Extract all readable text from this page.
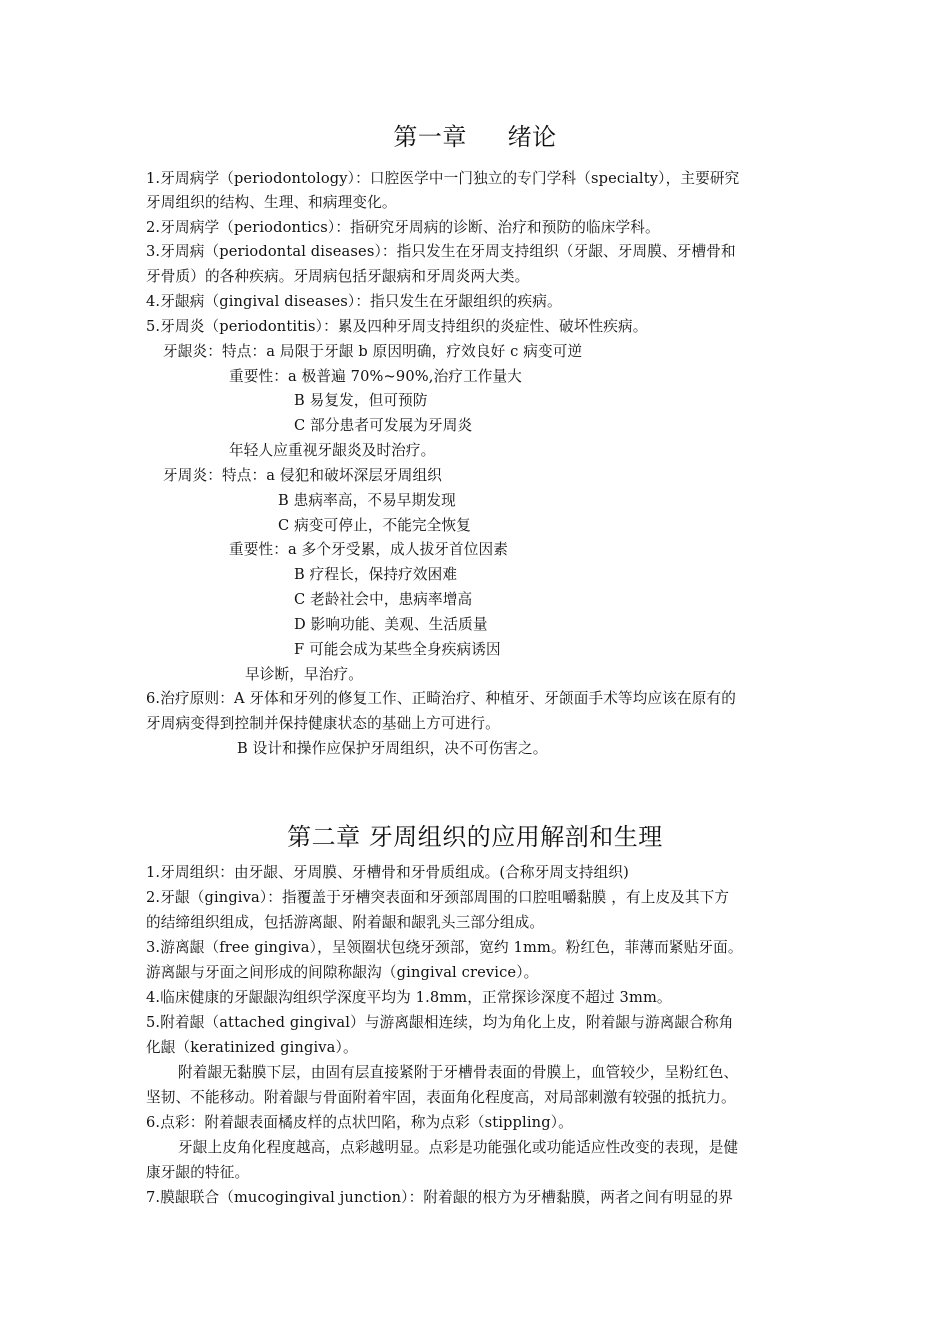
第一章     绪论
1.牙周病学（periodontology）：口腔医学中一门独立的专门学科（specialty），主要研究
牙周组织的结构、生理、和病理变化。
2.牙周病学（periodontics）：指研究牙周病的诊断、治疗和预防的临床学科。
3.牙周病（periodontal diseases）：指只发生在牙周支持组织（牙龈、牙周膜、牙槽骨和
牙骨质）的各种疾病。牙周病包括牙龈病和牙周炎两大类。
4.牙龈病（gingival diseases）：指只发生在牙龈组织的疾病。
5.牙周炎（periodontitis）：累及四种牙周支持组织的炎症性、破坏性疾病。
牙龈炎：特点：a 局限于牙龈 b 原因明确，疗效良好 c 病变可逆
重要性：a 极普遍 70%~90%,治疗工作量大
B 易复发，但可预防
C 部分患者可发展为牙周炎
年轻人应重视牙龈炎及时治疗。
牙周炎：特点：a 侵犯和破坏深层牙周组织
B 患病率高，不易早期发现
C 病变可停止，不能完全恢复
重要性：a 多个牙受累，成人拔牙首位因素
B 疗程长，保持疗效困难
C 老龄社会中，患病率增高
D 影响功能、美观、生活质量
F 可能会成为某些全身疾病诱因
早诊断，早治疗。
6.治疗原则：A 牙体和牙列的修复工作、正畸治疗、种植牙、牙颌面手术等均应该在原有的
牙周病变得到控制并保持健康状态的基础上方可进行。
B 设计和操作应保护牙周组织，决不可伤害之。
第二章 牙周组织的应用解剖和生理
1.牙周组织：由牙龈、牙周膜、牙槽骨和牙骨质组成。(合称牙周支持组织)
2.牙龈（gingiva）：指覆盖于牙槽突表面和牙颈部周围的口腔咀嚼黏膜 ，有上皮及其下方
的结缔组织组成，包括游离龈、附着龈和龈乳头三部分组成。
3.游离龈（free gingiva），呈领圈状包绕牙颈部，宽约 1mm。粉红色，菲薄而紧贴牙面。
游离龈与牙面之间形成的间隙称龈沟（gingival crevice）。
4.临床健康的牙龈龈沟组织学深度平均为 1.8mm，正常探诊深度不超过 3mm。
5.附着龈（attached gingival）与游离龈相连续，均为角化上皮，附着龈与游离龈合称角
化龈（keratinized gingiva）。
附着龈无黏膜下层，由固有层直接紧附于牙槽骨表面的骨膜上，血管较少，呈粉红色、
坚韧、不能移动。附着龈与骨面附着牢固，表面角化程度高，对局部刺激有较强的抵抗力。
6.点彩：附着龈表面橘皮样的点状凹陷，称为点彩（stippling）。
牙龈上皮角化程度越高，点彩越明显。点彩是功能强化或功能适应性改变的表现，是健
康牙龈的特征。
7.膜龈联合（mucogingival junction）：附着龈的根方为牙槽黏膜，两者之间有明显的界
